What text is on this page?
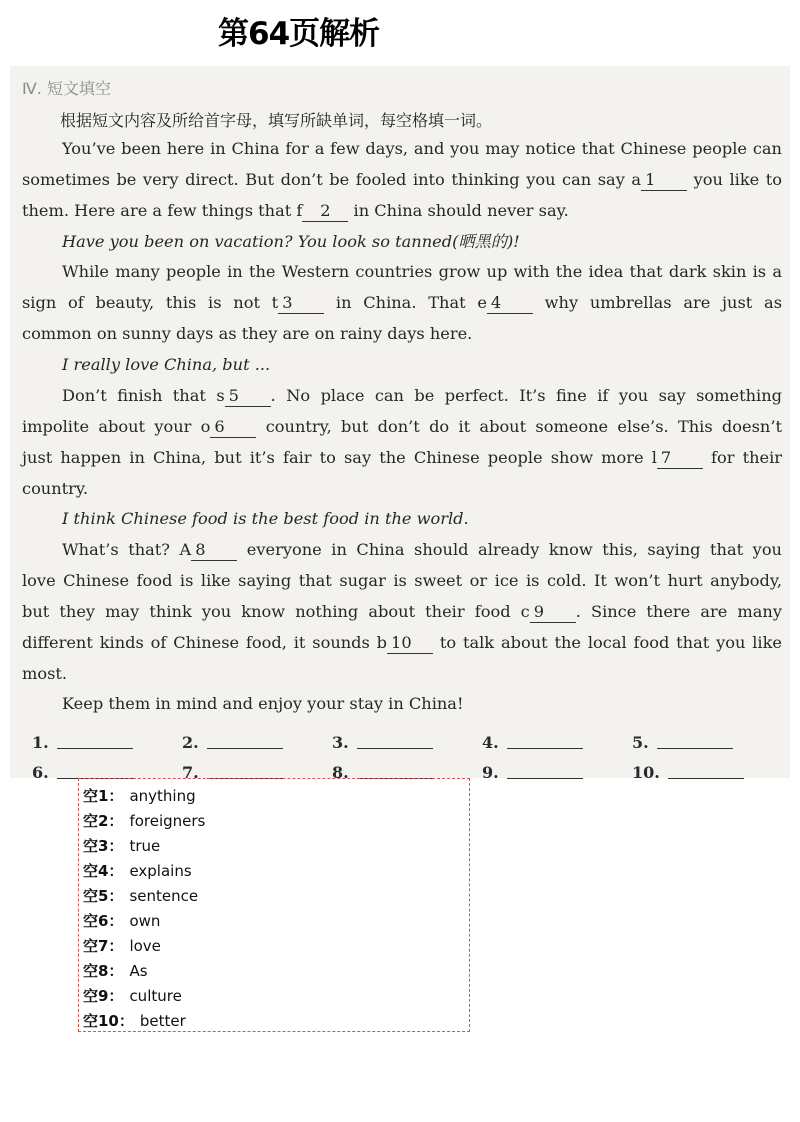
第64页解析
Ⅳ. 短文填空
根据短文内容及所给首字母，填写所缺单词，每空格填一词。
You’ve been here in China for a few days, and you may notice that Chinese people can
sometimes be very direct. But don’t be fooled into thinking you can say a 1 you like to
them. Here are a few things that f 2 in China should never say.
Have you been on vacation? You look so tanned(晒黑的)!
While many people in the Western countries grow up with the idea that dark skin is a
sign of beauty, this is not t 3 in China. That e 4 why umbrellas are just as
common on sunny days as they are on rainy days here.
I really love China, but ...
Don’t finish that s 5 . No place can be perfect. It’s fine if you say something
impolite about your o 6 country, but don’t do it about someone else’s. This doesn’t
just happen in China, but it’s fair to say the Chinese people show more l 7 for their
country.
I think Chinese food is the best food in the world.
What’s that? A 8 everyone in China should already know this, saying that you
love Chinese food is like saying that sugar is sweet or ice is cold. It won’t hurt anybody,
but they may think you know nothing about their food c 9 . Since there are many
different kinds of Chinese food, it sounds b 10 to talk about the local food that you like
most.
Keep them in mind and enjoy your stay in China!
1.	2.	3.	4.	5.
6.	7.	8.	9.	10.
空1： anything
空2： foreigners
空3： true
空4： explains
空5： sentence
空6： own
空7： love
空8： As
空9： culture
空10： better
